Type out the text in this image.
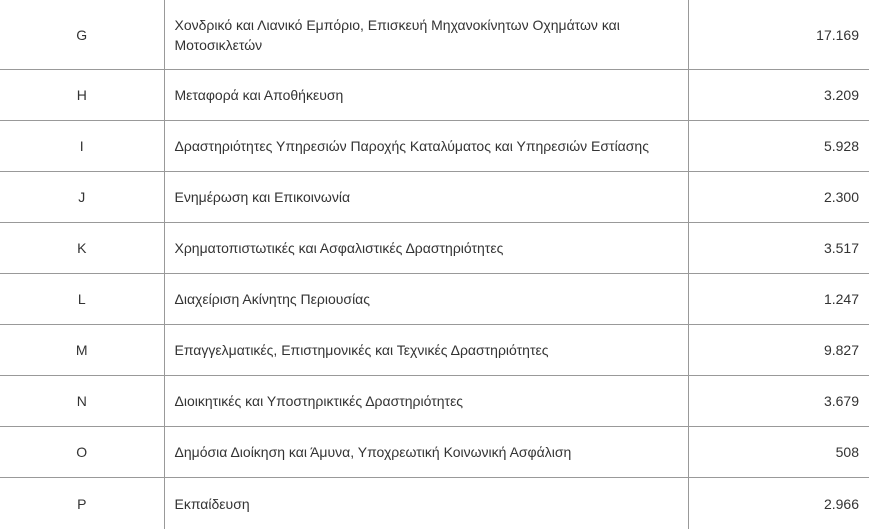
G	Χονδρικό και Λιανικό Εμπόριο, Επισκευή Μηχανοκίνητων Οχημάτων και Μοτοσικλετών	17.169
H	Μεταφορά και Αποθήκευση	3.209
I	Δραστηριότητες Υπηρεσιών Παροχής Καταλύματος και Υπηρεσιών Εστίασης	5.928
J	Ενημέρωση και Επικοινωνία	2.300
K	Χρηματοπιστωτικές και Ασφαλιστικές Δραστηριότητες	3.517
L	Διαχείριση Ακίνητης Περιουσίας	1.247
M	Επαγγελματικές, Επιστημονικές και Τεχνικές Δραστηριότητες	9.827
N	Διοικητικές και Υποστηρικτικές Δραστηριότητες	3.679
O	Δημόσια Διοίκηση και Άμυνα, Υποχρεωτική Κοινωνική Ασφάλιση	508
P	Εκπαίδευση	2.966
